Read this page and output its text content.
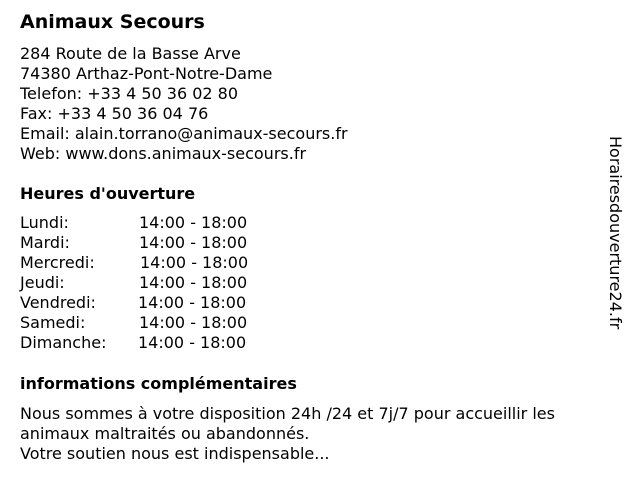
Animaux Secours
284 Route de la Basse Arve
74380 Arthaz-Pont-Notre-Dame
Telefon: +33 4 50 36 02 80
Fax: +33 4 50 36 04 76
Email: alain.torrano@animaux-secours.fr
Web: www.dons.animaux-secours.fr
Heures d'ouverture
Lundi:	14:00 - 18:00
Mardi:	14:00 - 18:00
Mercredi:	14:00 - 18:00
Jeudi:	14:00 - 18:00
Vendredi:	14:00 - 18:00
Samedi:	14:00 - 18:00
Dimanche: 14:00 - 18:00
informations complémentaires
Nous sommes à votre disposition 24h /24 et 7j/7 pour accueillir les
animaux maltraités ou abandonnés.
Votre soutien nous est indispensable...
Horairesdouverture24.fr
